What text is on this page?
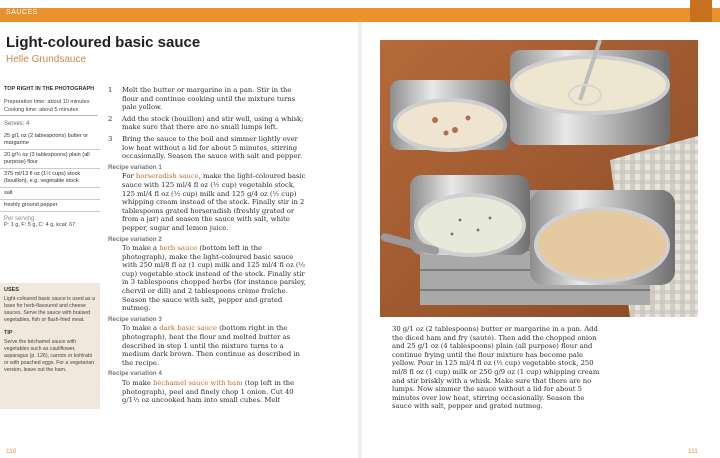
SAUCES
Light-coloured basic sauce
Helle Grundsauce
TOP RIGHT IN THE PHOTOGRAPH
Preparation time: about 10 minutes
Cooking time: about 5 minutes
Serves: 4
25 g/1 oz (2 tablespoons) butter or margarine
20 g/¾ oz (3 tablespoons) plain (all purpose) flour
375 ml/13 fl oz (1½ cups) stock (bouillon), e.g. vegetable stock
salt
freshly ground pepper
Per serving
P: 1 g, F: 5 g, C: 4 g, kcal: 67
USES
Light-coloured basic sauce is used as a base for herb-flavoured and cheese sauces. Serve the sauce with braised vegetables, fish or flash-fried meat.
TIP
Serve the béchamel sauce with vegetables such as cauliflower, asparagus (p. 126), carrots or kohlrabi or with poached eggs. For a vegetarian version, leave out the ham.
1 Melt the butter or margarine in a pan. Stir in the flour and continue cooking until the mixture turns pale yellow.
2 Add the stock (bouillon) and stir well, using a whisk; make sure that there are no small lumps left.
3 Bring the sauce to the boil and simmer lightly over low heat without a lid for about 5 minutes, stirring occasionally. Season the sauce with salt and pepper.
Recipe variation 1
For horseradish sauce, make the light-coloured basic sauce with 125 ml/4 fl oz (½ cup) vegetable stock, 125 ml/4 fl oz (½ cup) milk and 125 g/4 oz (½ cup) whipping cream instead of the stock. Finally stir in 2 tablespoons grated horseradish (freshly grated or from a jar) and season the sauce with salt, white pepper, sugar and lemon juice.
Recipe variation 2
To make a herb sauce (bottom left in the photograph), make the light-coloured basic sauce with 250 ml/8 fl oz (1 cup) milk and 125 ml/4 fl oz (½ cup) vegetable stock instead of the stock. Finally stir in 3 tablespoons chopped herbs (for instance parsley, chervil or dill) and 2 tablespoons crème fraîche. Season the sauce with salt, pepper and grated nutmeg.
Recipe variation 3
To make a dark basic sauce (bottom right in the photograph), heat the flour and melted butter as described in step 1 until the mixture turns to a medium dark brown. Then continue as described in the recipe.
Recipe variation 4
To make béchamel sauce with ham (top left in the photograph), peel and finely chop 1 onion. Cut 40 g/1½ oz uncooked ham into small cubes. Melt
30 g/1 oz (2 tablespoons) butter or margarine in a pan. Add the diced ham and fry (sauté). Then add the chopped onion and 25 g/1 oz (4 tablespoons) plain (all purpose) flour and continue frying until the flour mixture has become pale yellow. Pour in 125 ml/4 fl oz (½ cup) vegetable stock, 250 ml/8 fl oz (1 cup) milk or 250 g/9 oz (1 cup) whipping cream and stir briskly with a whisk. Make sure that there are no lumps. Now simmer the sauce without a lid for about 5 minutes over low heat, stirring occasionally. Season the sauce with salt, pepper and grated nutmeg.
110	111
